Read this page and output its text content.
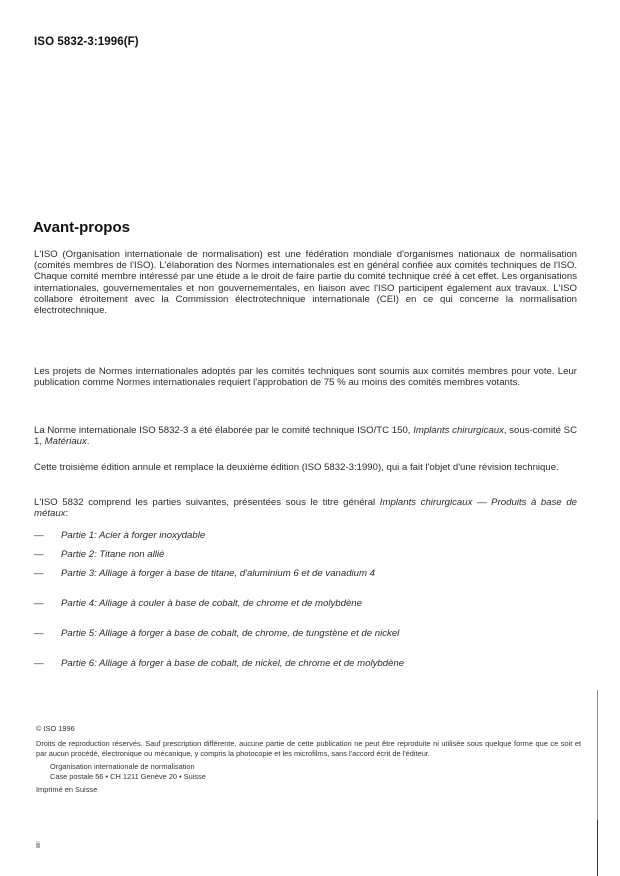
ISO 5832-3:1996(F)
Avant-propos

L'ISO (Organisation internationale de normalisation) est une fédération mondiale d'organismes nationaux de normalisation (comités membres de l'ISO). L'élaboration des Normes internationales est en général confiée aux comités techniques de l'ISO. Chaque comité membre intéressé par une étude a le droit de faire partie du comité technique créé à cet effet. Les organisations internationales, gouvernementales et non gouvernementales, en liaison avec l'ISO participent également aux travaux. L'ISO collabore étroitement avec la Commission électrotechnique internationale (CEI) en ce qui concerne la normalisation électrotechnique.

Les projets de Normes internationales adoptés par les comités techniques sont soumis aux comités membres pour vote. Leur publication comme Normes internationales requiert l'approbation de 75 % au moins des comités membres votants.

La Norme internationale ISO 5832-3 a été élaborée par le comité technique ISO/TC 150, Implants chirurgicaux, sous-comité SC 1, Matériaux.

Cette troisième édition annule et remplace la deuxième édition (ISO 5832-3:1990), qui a fait l'objet d'une révision technique.

L'ISO 5832 comprend les parties suivantes, présentées sous le titre général Implants chirurgicaux — Produits à base de métaux:

— Partie 1: Acier à forger inoxydable
— Partie 2: Titane non allié
— Partie 3: Alliage à forger à base de titane, d'aluminium 6 et de vanadium 4
— Partie 4: Alliage à couler à base de cobalt, de chrome et de molybdène
— Partie 5: Alliage à forger à base de cobalt, de chrome, de tungstène et de nickel
— Partie 6: Alliage à forger à base de cobalt, de nickel, de chrome et de molybdène
© ISO 1996
Droits de reproduction réservés. Sauf prescription différente, aucune partie de cette publication ne peut être reproduite ni utilisée sous quelque forme que ce soit et par aucun procédé, électronique ou mécanique, y compris la photocopie et les microfilms, sans l'accord écrit de l'éditeur.
Organisation internationale de normalisation
Case postale 56 • CH 1211 Genève 20 • Suisse
Imprimé en Suisse
ii
